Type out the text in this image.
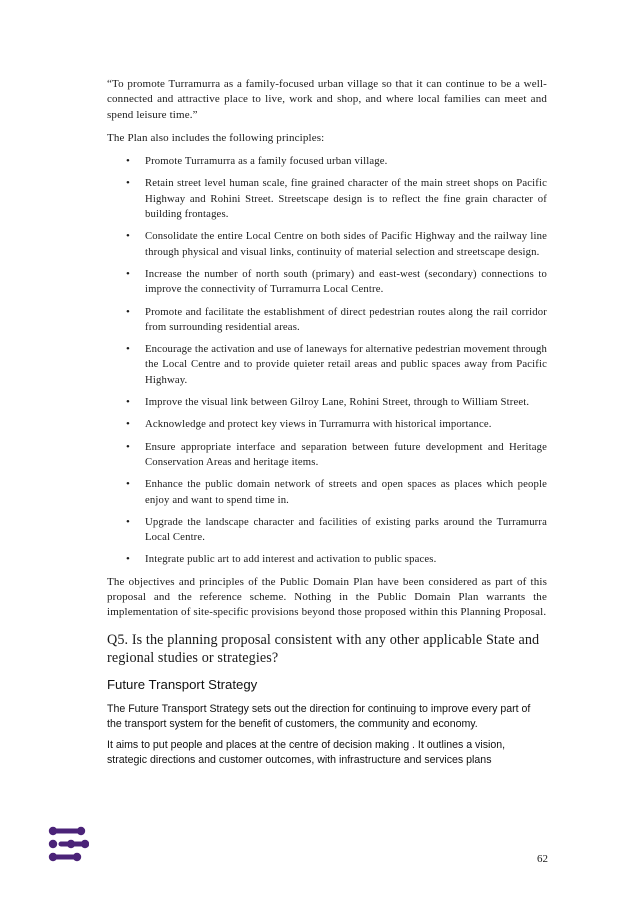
“To promote Turramurra as a family-focused urban village so that it can continue to be a well-connected and attractive place to live, work and shop, and where local families can meet and spend leisure time.”

The Plan also includes the following principles:

• Promote Turramurra as a family focused urban village.
• Retain street level human scale, fine grained character of the main street shops on Pacific Highway and Rohini Street. Streetscape design is to reflect the fine grain character of building frontages.
• Consolidate the entire Local Centre on both sides of Pacific Highway and the railway line through physical and visual links, continuity of material selection and streetscape design.
• Increase the number of north south (primary) and east-west (secondary) connections to improve the connectivity of Turramurra Local Centre.
• Promote and facilitate the establishment of direct pedestrian routes along the rail corridor from surrounding residential areas.
• Encourage the activation and use of laneways for alternative pedestrian movement through the Local Centre and to provide quieter retail areas and public spaces away from Pacific Highway.
• Improve the visual link between Gilroy Lane, Rohini Street, through to William Street.
• Acknowledge and protect key views in Turramurra with historical importance.
• Ensure appropriate interface and separation between future development and Heritage Conservation Areas and heritage items.
• Enhance the public domain network of streets and open spaces as places which people enjoy and want to spend time in.
• Upgrade the landscape character and facilities of existing parks around the Turramurra Local Centre.
• Integrate public art to add interest and activation to public spaces.

The objectives and principles of the Public Domain Plan have been considered as part of this proposal and the reference scheme. Nothing in the Public Domain Plan warrants the implementation of site-specific provisions beyond those proposed within this Planning Proposal.

Q5. Is the planning proposal consistent with any other applicable State and regional studies or strategies?
Future Transport Strategy

The Future Transport Strategy sets out the direction for continuing to improve every part of the transport system for the benefit of customers, the community and economy.

It aims to put people and places at the centre of decision making . It outlines a vision, strategic directions and customer outcomes, with infrastructure and services plans

62
